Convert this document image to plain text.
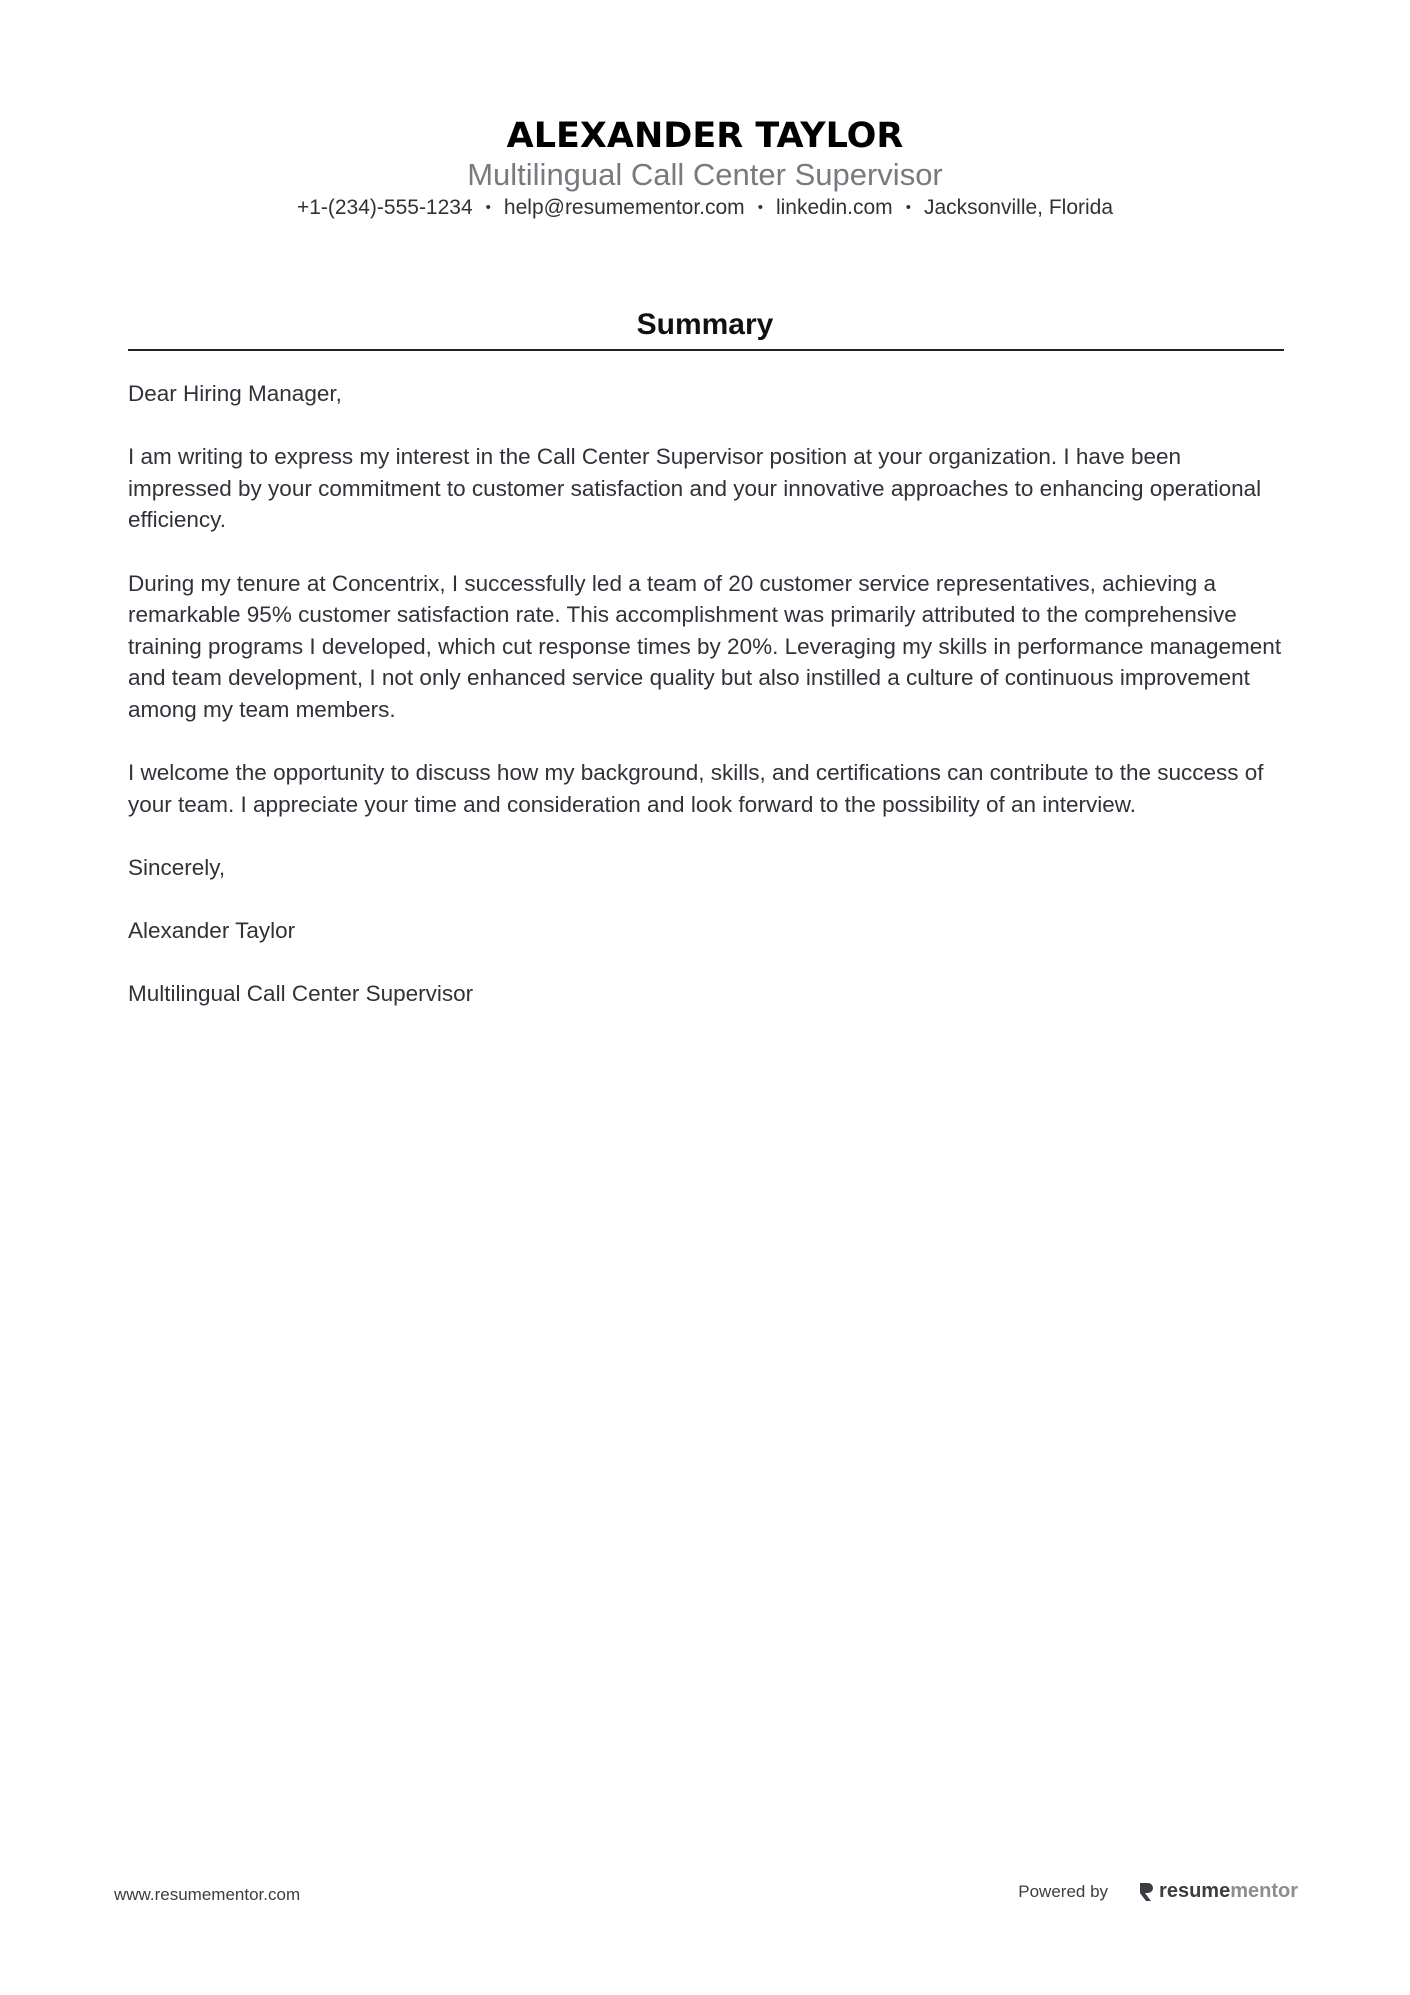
ALEXANDER TAYLOR
Multilingual Call Center Supervisor
+1-(234)-555-1234 • help@resumementor.com • linkedin.com • Jacksonville, Florida
Summary

Dear Hiring Manager,

I am writing to express my interest in the Call Center Supervisor position at your organization. I have been impressed by your commitment to customer satisfaction and your innovative approaches to enhancing operational efficiency.

During my tenure at Concentrix, I successfully led a team of 20 customer service representatives, achieving a remarkable 95% customer satisfaction rate. This accomplishment was primarily attributed to the comprehensive training programs I developed, which cut response times by 20%. Leveraging my skills in performance management and team development, I not only enhanced service quality but also instilled a culture of continuous improvement among my team members.

I welcome the opportunity to discuss how my background, skills, and certifications can contribute to the success of your team. I appreciate your time and consideration and look forward to the possibility of an interview.

Sincerely,

Alexander Taylor

Multilingual Call Center Supervisor

www.resumementor.com	Powered by	resume mentor
